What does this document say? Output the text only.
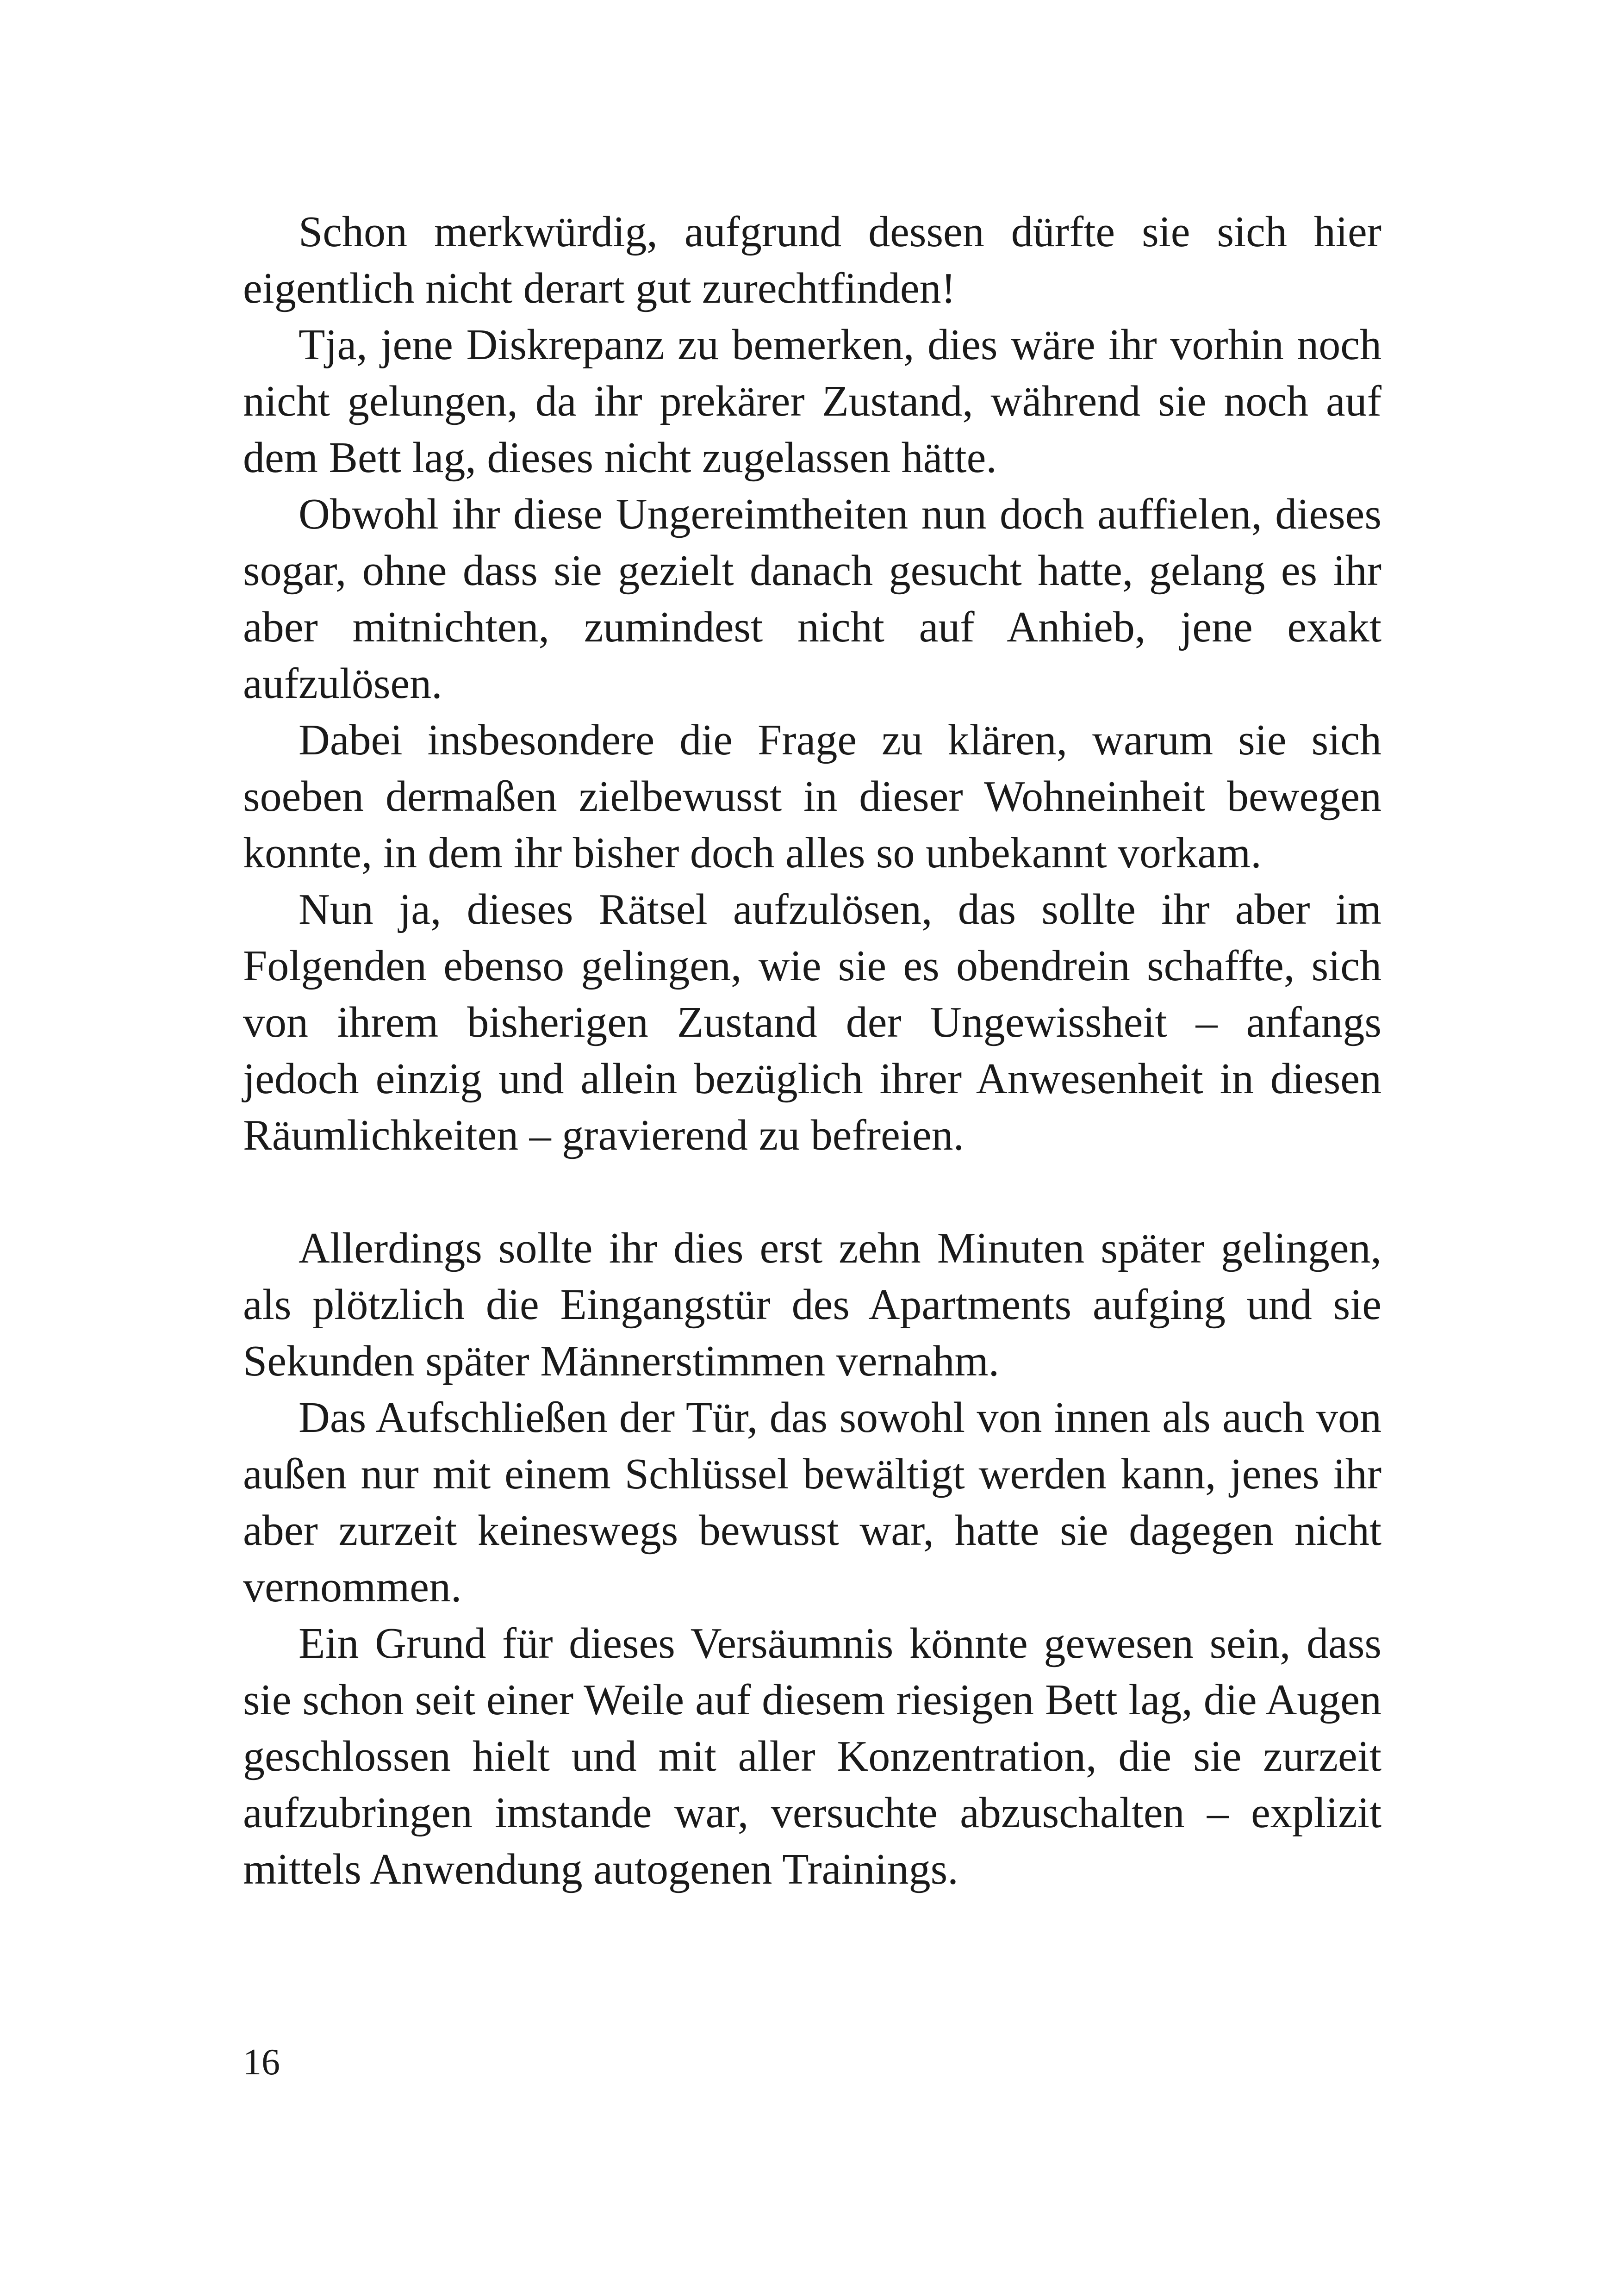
Schon merkwürdig, aufgrund dessen dürfte sie sich hier eigentlich nicht derart gut zurechtfinden!

Tja, jene Diskrepanz zu bemerken, dies wäre ihr vorhin noch nicht gelungen, da ihr prekärer Zustand, während sie noch auf dem Bett lag, dieses nicht zugelassen hätte.

Obwohl ihr diese Ungereimtheiten nun doch auffielen, dieses sogar, ohne dass sie gezielt danach gesucht hatte, gelang es ihr aber mitnichten, zumindest nicht auf Anhieb, jene exakt aufzulösen.

Dabei insbesondere die Frage zu klären, warum sie sich soeben dermaßen zielbewusst in dieser Wohneinheit bewegen konnte, in dem ihr bisher doch alles so unbekannt vorkam.

Nun ja, dieses Rätsel aufzulösen, das sollte ihr aber im Folgenden ebenso gelingen, wie sie es obendrein schaffte, sich von ihrem bisherigen Zustand der Ungewissheit – anfangs jedoch einzig und allein bezüglich ihrer Anwesenheit in diesen Räumlichkeiten – gravierend zu befreien.

Allerdings sollte ihr dies erst zehn Minuten später gelingen, als plötzlich die Eingangstür des Apartments aufging und sie Sekunden später Männerstimmen vernahm.

Das Aufschließen der Tür, das sowohl von innen als auch von außen nur mit einem Schlüssel bewältigt werden kann, jenes ihr aber zurzeit keineswegs bewusst war, hatte sie dagegen nicht vernommen.

Ein Grund für dieses Versäumnis könnte gewesen sein, dass sie schon seit einer Weile auf diesem riesigen Bett lag, die Augen geschlossen hielt und mit aller Konzentration, die sie zurzeit aufzubringen imstande war, versuchte abzuschalten – explizit mittels Anwendung autogenen Trainings.

16
